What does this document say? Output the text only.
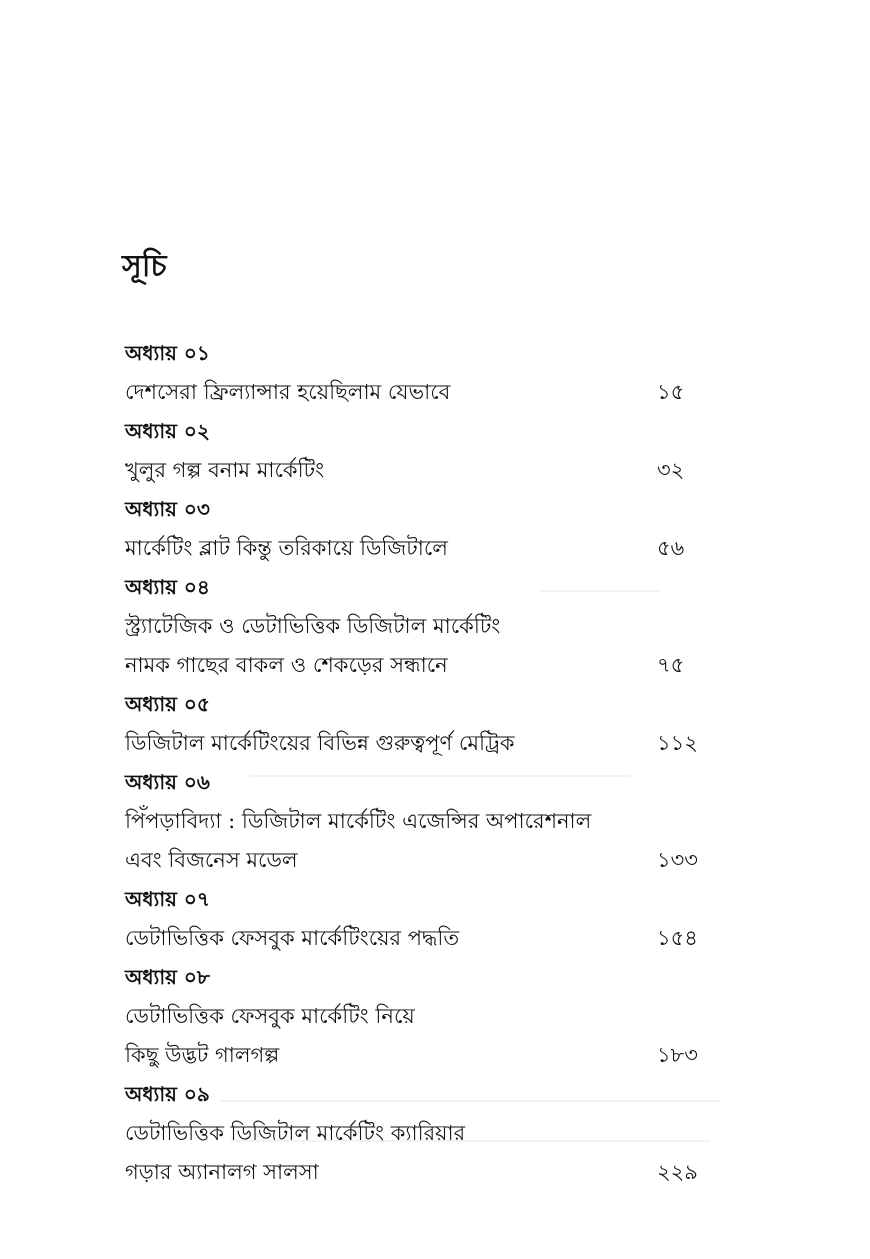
সূচি
অধ্যায় ০১
দেশসেরা ফ্রিল্যান্সার হয়েছিলাম যেভাবে	১৫
অধ্যায় ০২
খুলুর গল্প বনাম মার্কেটিং	৩২
অধ্যায় ০৩
মার্কেটিং ব্লাট কিন্তু তরিকায়ে ডিজিটালে	৫৬
অধ্যায় ০৪
স্ট্র্যাটেজিক ও ডেটাভিত্তিক ডিজিটাল মার্কেটিং
নামক গাছের বাকল ও শেকড়ের সন্ধানে	৭৫
অধ্যায় ০৫
ডিজিটাল মার্কেটিংয়ের বিভিন্ন গুরুত্বপূর্ণ মেট্রিক	১১২
অধ্যায় ০৬
পিঁপড়াবিদ্যা : ডিজিটাল মার্কেটিং এজেন্সির অপারেশনাল
এবং বিজনেস মডেল	১৩৩
অধ্যায় ০৭
ডেটাভিত্তিক ফেসবুক মার্কেটিংয়ের পদ্ধতি	১৫৪
অধ্যায় ০৮
ডেটাভিত্তিক ফেসবুক মার্কেটিং নিয়ে
কিছু উদ্ভট গালগল্প	১৮৩
অধ্যায় ০৯
ডেটাভিত্তিক ডিজিটাল মার্কেটিং ক্যারিয়ার
গড়ার অ্যানালগ সালসা	২২৯
